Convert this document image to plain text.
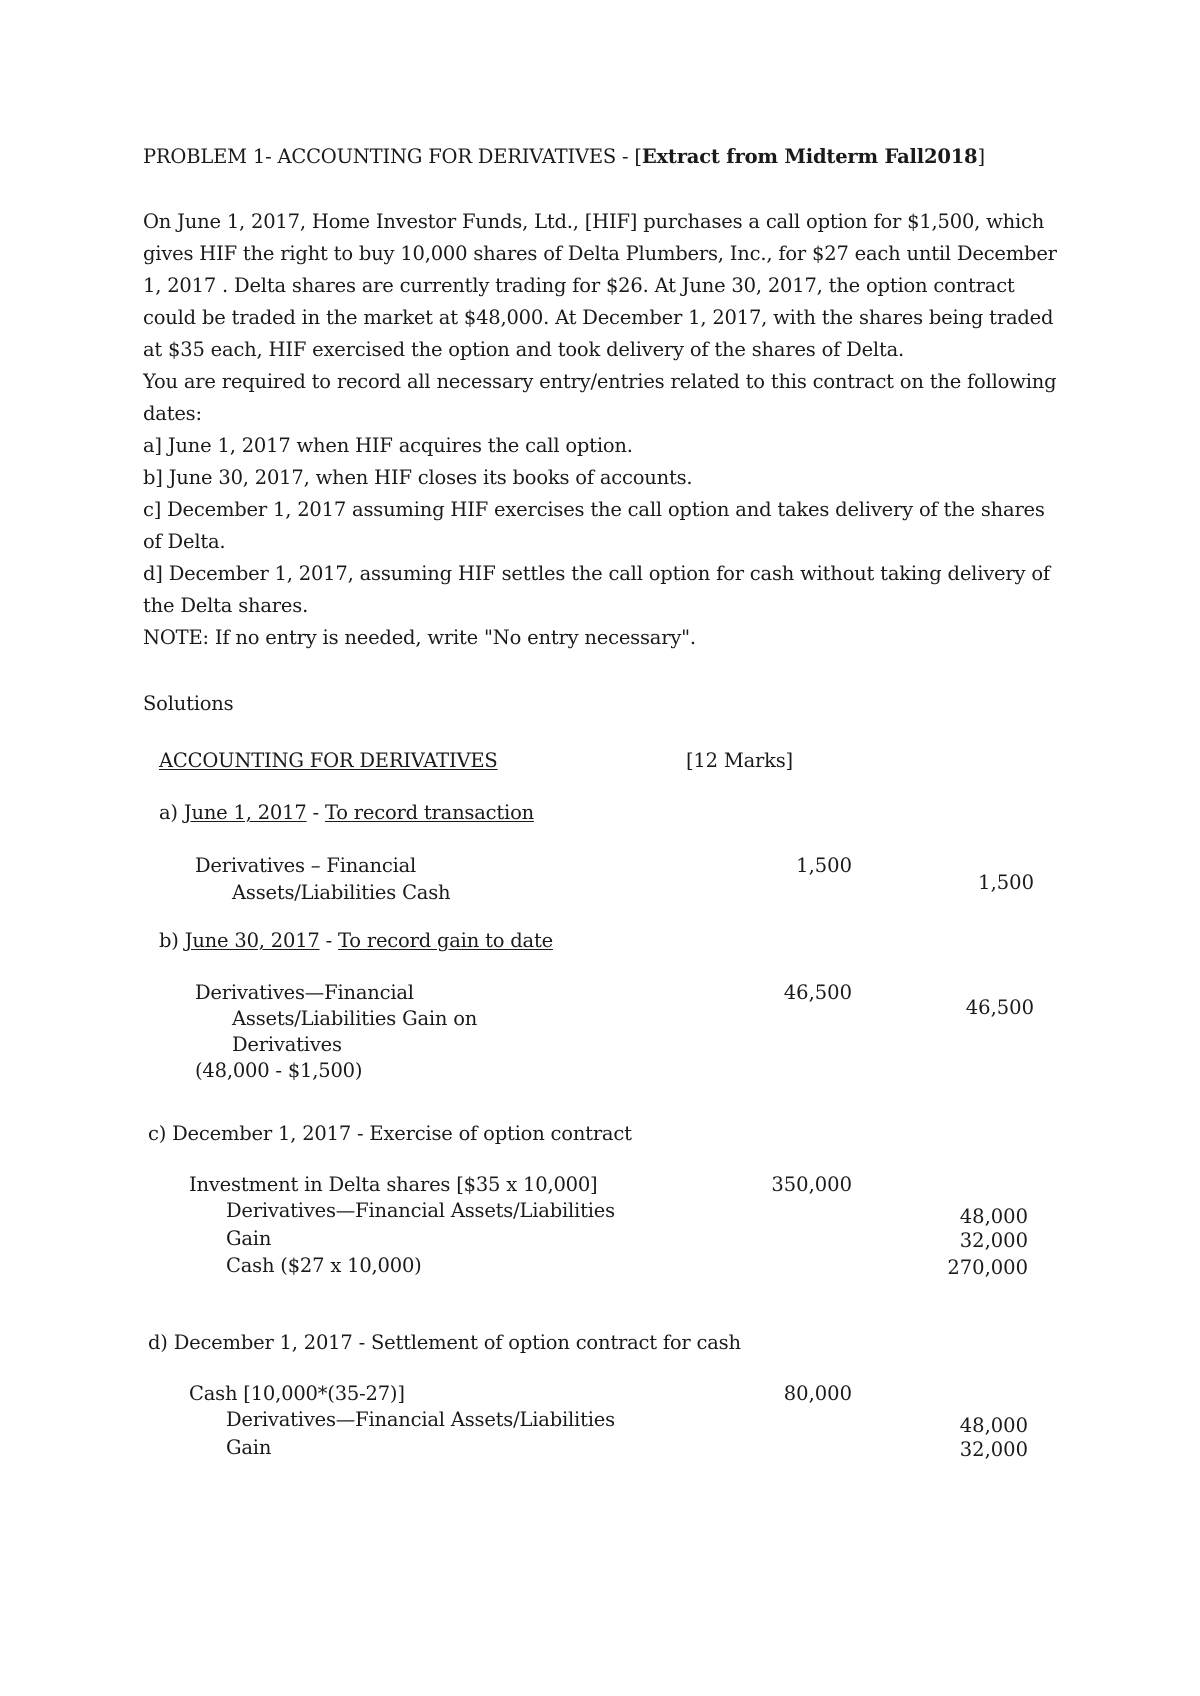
PROBLEM 1- ACCOUNTING FOR DERIVATIVES - [Extract from Midterm Fall2018]
On June 1, 2017, Home Investor Funds, Ltd., [HIF] purchases a call option for $1,500, which
gives HIF the right to buy 10,000 shares of Delta Plumbers, Inc., for $27 each until December
1, 2017 . Delta shares are currently trading for $26. At June 30, 2017, the option contract
could be traded in the market at $48,000. At December 1, 2017, with the shares being traded
at $35 each, HIF exercised the option and took delivery of the shares of Delta.
You are required to record all necessary entry/entries related to this contract on the following
dates:
a] June 1, 2017 when HIF acquires the call option.
b] June 30, 2017, when HIF closes its books of accounts.
c] December 1, 2017 assuming HIF exercises the call option and takes delivery of the shares
of Delta.
d] December 1, 2017, assuming HIF settles the call option for cash without taking delivery of
the Delta shares.
NOTE: If no entry is needed, write "No entry necessary".
Solutions
ACCOUNTING FOR DERIVATIVES	[12 Marks]
a) June 1, 2017 - To record transaction
Derivatives – Financial
Assets/Liabilities Cash
1,500
1,500
b) June 30, 2017 - To record gain to date
Derivatives—Financial
Assets/Liabilities Gain on
Derivatives
(48,000 - $1,500)
46,500
46,500
c) December 1, 2017 - Exercise of option contract
Investment in Delta shares [$35 x 10,000]
Derivatives—Financial Assets/Liabilities
Gain
Cash ($27 x 10,000)
350,000
48,000
32,000
270,000
d) December 1, 2017 - Settlement of option contract for cash
Cash [10,000*(35-27)]
Derivatives—Financial Assets/Liabilities
Gain
80,000
48,000
32,000
